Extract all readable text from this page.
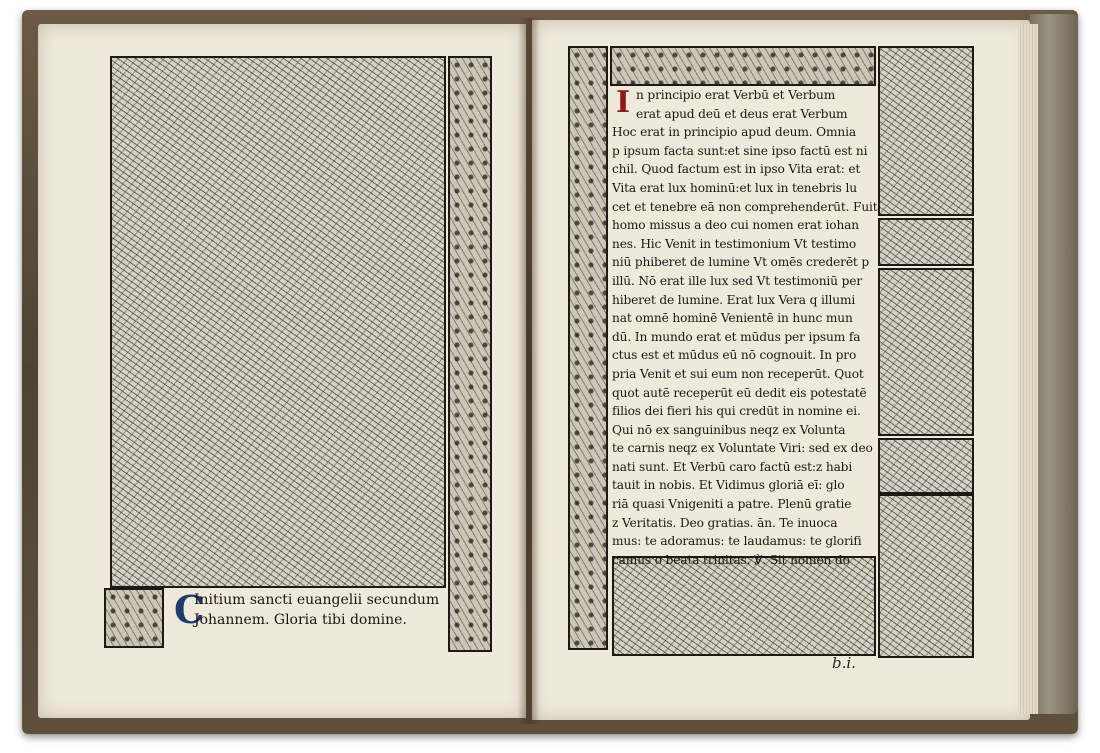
C
Initium sancti euangelii secundum
Johannem. Gloria tibi domine.
I n principio erat Verbū et Verbum
erat apud deū et deus erat Verbum
Hoc erat in principio apud deum. Omnia
p ipsum facta sunt:et sine ipso factū est ni
chil. Quod factum est in ipso Vita erat: et
Vita erat lux hominū:et lux in tenebris lu
cet et tenebre eā non comprehenderūt. Fuit
homo missus a deo cui nomen erat iohan
nes. Hic Venit in testimonium Vt testimo
niū phiberet de lumine Vt omēs crederēt p
illū. Nō erat ille lux sed Vt testimoniū per
hiberet de lumine. Erat lux Vera q illumi
nat omnē hominē Venientē in hunc mun
dū. In mundo erat et mūdus per ipsum fa
ctus est et mūdus eū nō cognouit. In pro
pria Venit et sui eum non receperūt. Quot
quot autē receperūt eū dedit eis potestatē
filios dei fieri his qui credūt in nomine ei.
Qui nō ex sanguinibus neqz ex Volunta
te carnis neqz ex Voluntate Viri: sed ex deo
nati sunt. Et Verbū caro factū est:z habi
tauit in nobis. Et Vidimus gloriā eī: glo
riā quasi Vnigeniti a patre. Plenū gratie
z Veritatis. Deo gratias. ān. Te inuoca
mus: te adoramus: te laudamus: te glorifi
camus o beata trinitas. ℣. Sit nomen do
b.i.
